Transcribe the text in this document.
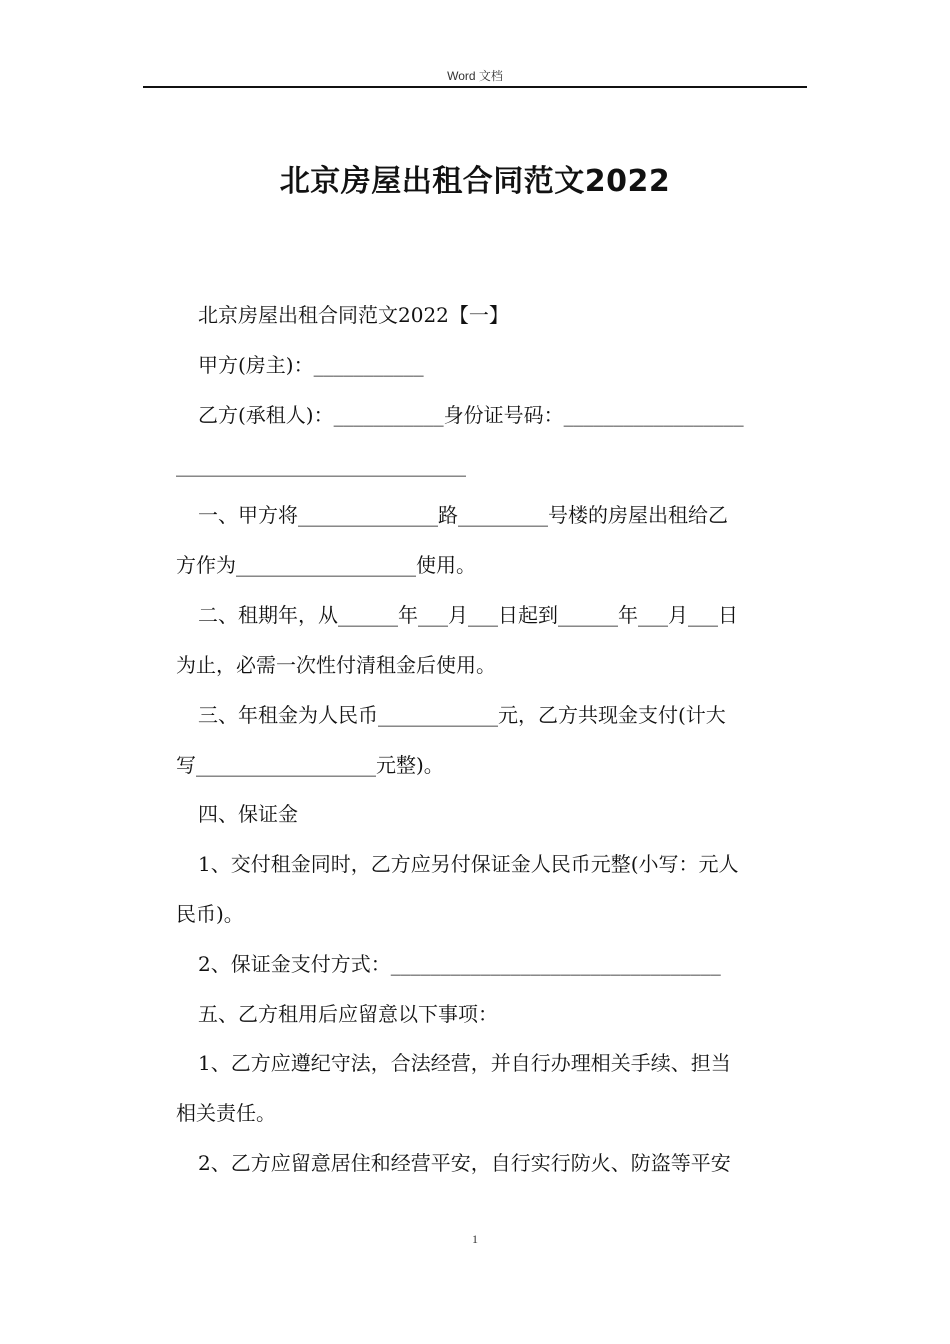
Word 文档
北京房屋出租合同范文2022
北京房屋出租合同范文2022【一】
甲方(房主)：___________
乙方(承租人)：___________身份证号码：__________________
_____________________________
一、甲方将______________路_________号楼的房屋出租给乙
方作为__________________使用。
二、租期年，从______年___月___日起到______年___月___日
为止，必需一次性付清租金后使用。
三、年租金为人民币____________元，乙方共现金支付(计大
写__________________元整)。
四、保证金
1、交付租金同时，乙方应另付保证金人民币元整(小写：元人
民币)。
2、保证金支付方式：_________________________________
五、乙方租用后应留意以下事项：
1、乙方应遵纪守法，合法经营，并自行办理相关手续、担当
相关责任。
2、乙方应留意居住和经营平安，自行实行防火、防盗等平安
1
